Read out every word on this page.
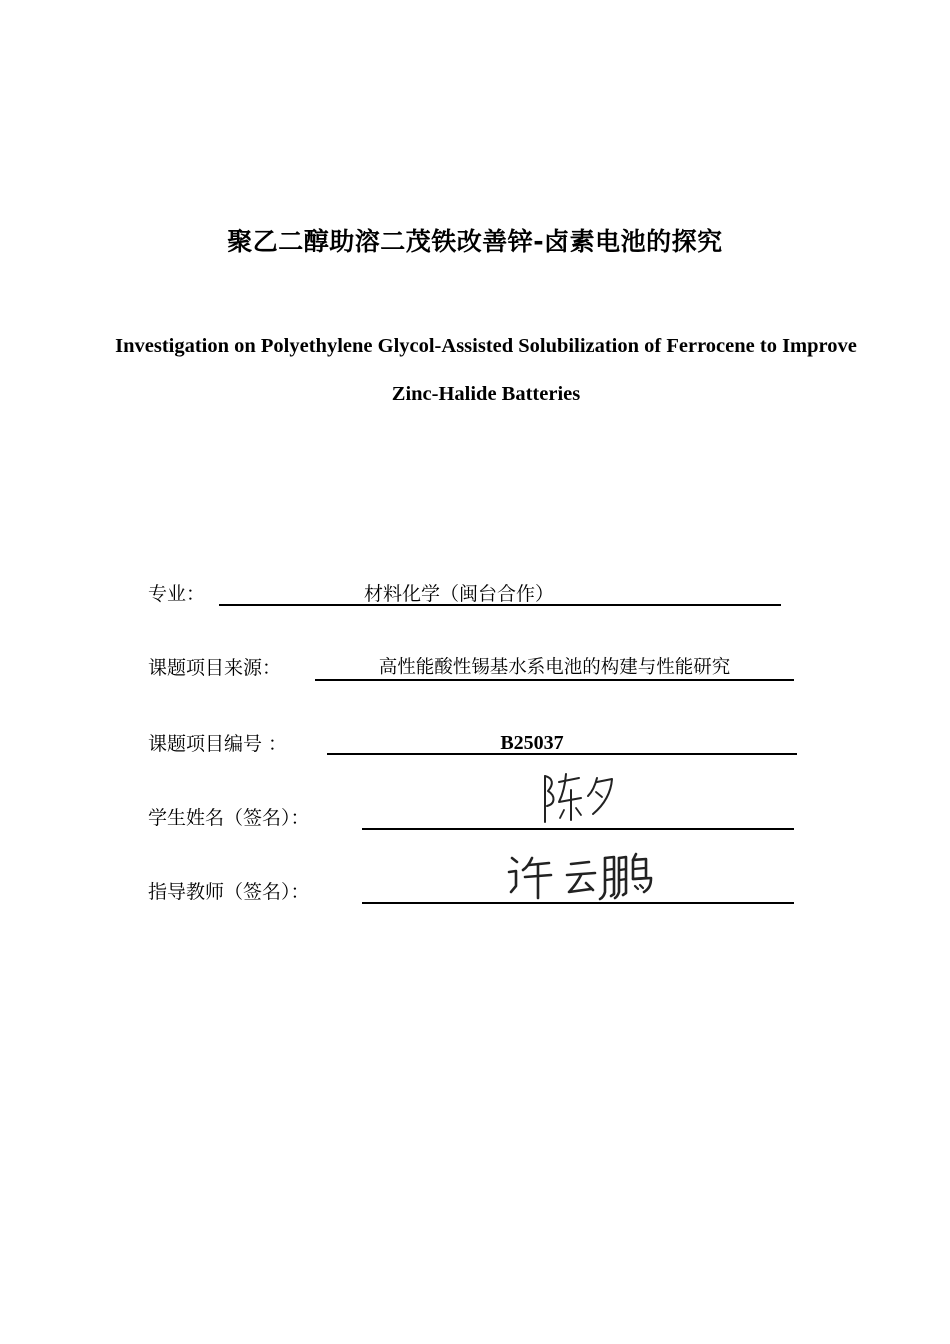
聚乙二醇助溶二茂铁改善锌-卤素电池的探究
Investigation on Polyethylene Glycol-Assisted Solubilization of Ferrocene to Improve Zinc-Halide Batteries
专业：	材料化学（闽台合作）
课题项目来源：	高性能酸性锡基水系电池的构建与性能研究
课题项目编号 ：	B25037
学生姓名（签名）：
指导教师（签名）：
